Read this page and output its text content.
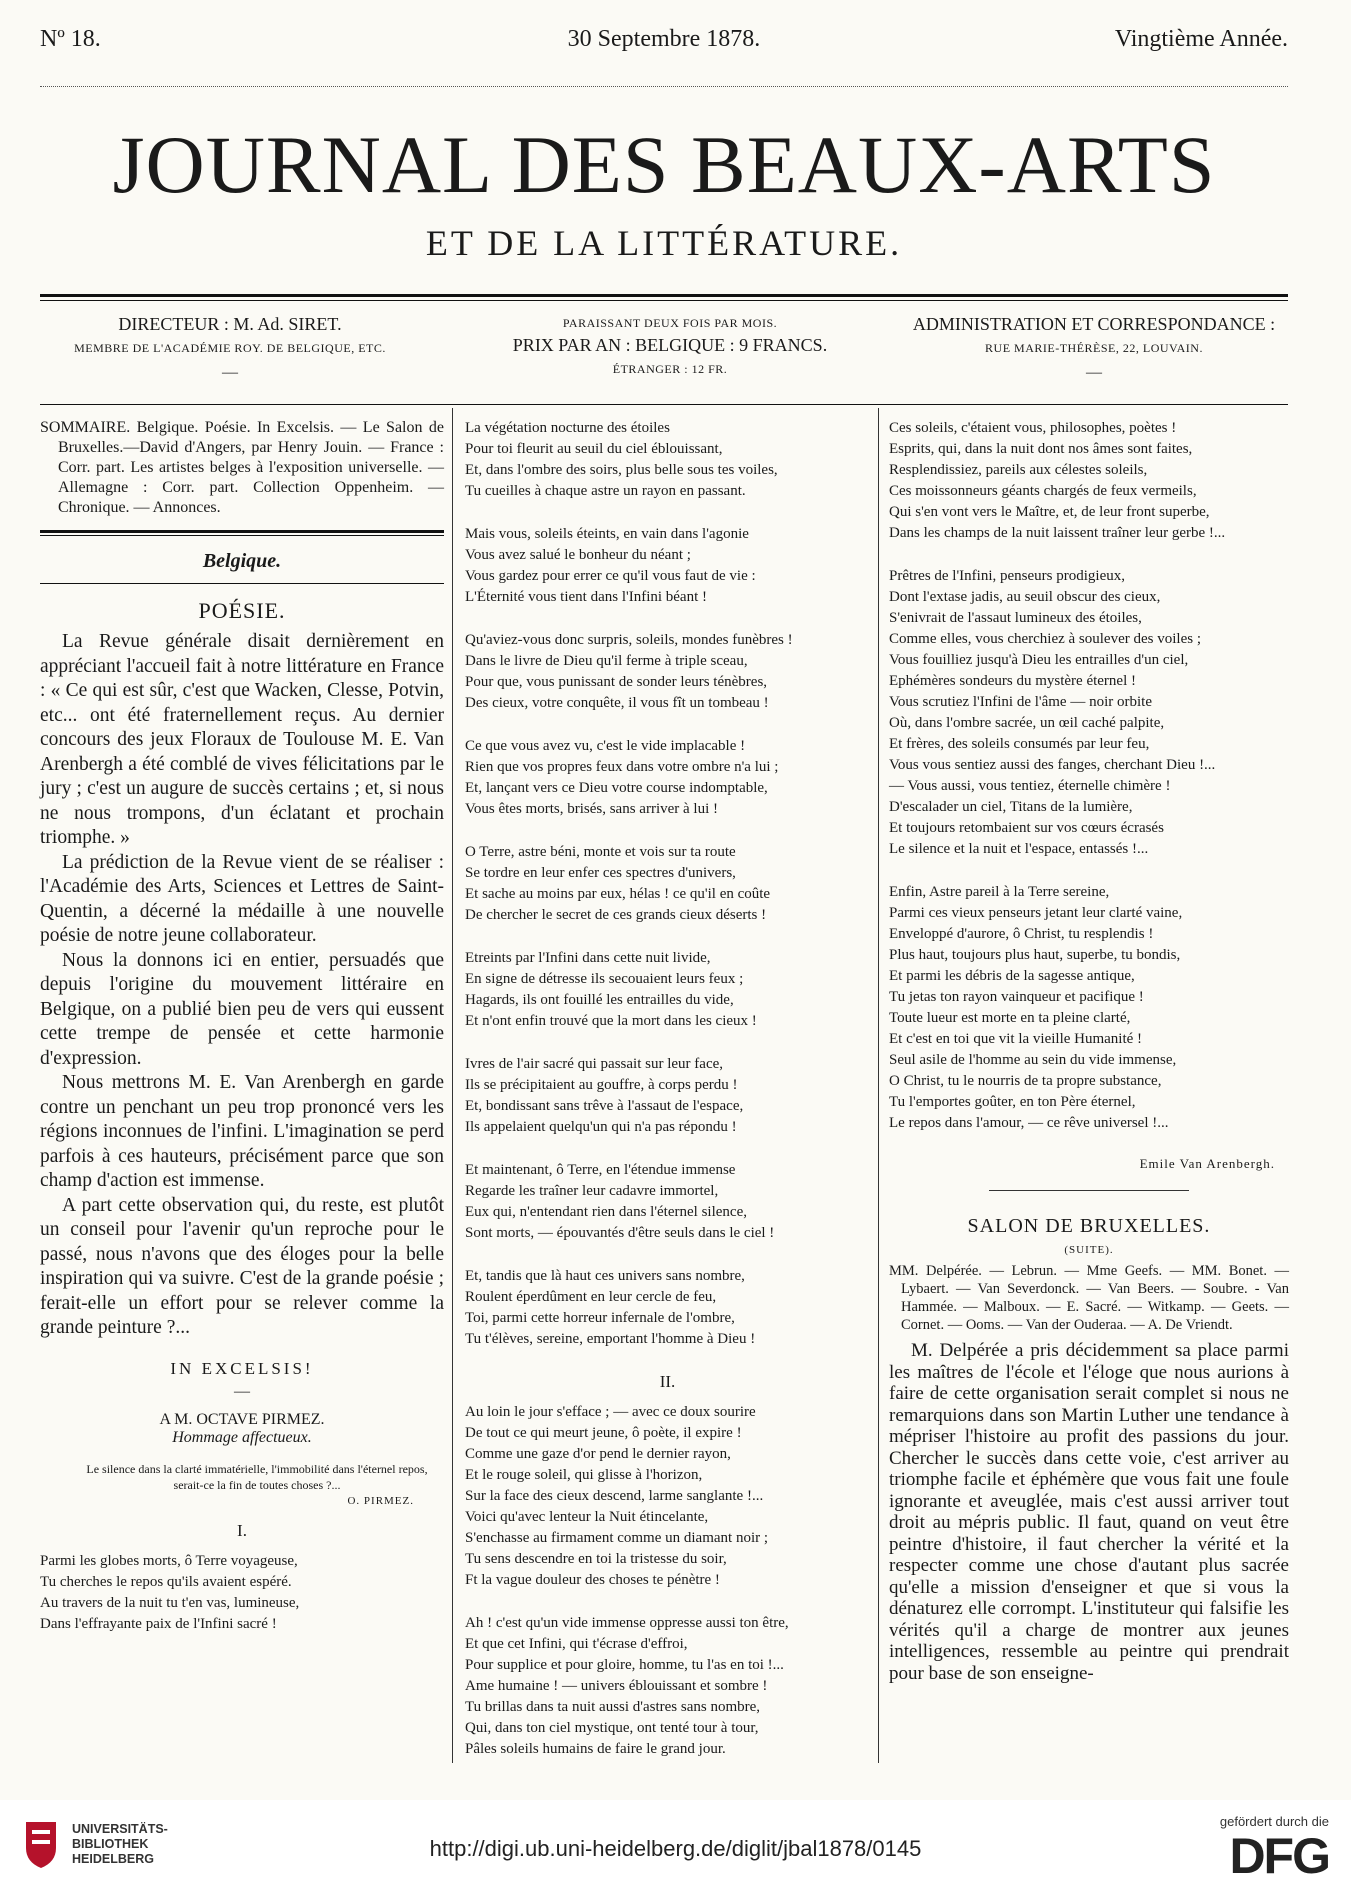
Nº 18.	30 Septembre 1878.	Vingtième Année.
JOURNAL DES BEAUX-ARTS
ET DE LA LITTÉRATURE.
DIRECTEUR : M. Ad. SIRET.
MEMBRE DE L'ACADÉMIE ROY. DE BELGIQUE, ETC.
—
PARAISSANT DEUX FOIS PAR MOIS.
PRIX PAR AN : BELGIQUE : 9 FRANCS.
ÉTRANGER : 12 FR.
ADMINISTRATION ET CORRESPONDANCE :
RUE MARIE-THÉRÈSE, 22, LOUVAIN.
—
SOMMAIRE. Belgique. Poésie. In Excelsis. — Le Salon de Bruxelles.—David d'Angers, par Henry Jouin. — France : Corr. part. Les artistes belges à l'exposition universelle. — Allemagne : Corr. part. Collection Oppenheim. — Chronique. — Annonces.
Belgique.
POÉSIE.

La Revue générale disait dernièrement en appréciant l'accueil fait à notre littérature en France : « Ce qui est sûr, c'est que Wacken, Clesse, Potvin, etc... ont été fraternellement reçus. Au dernier concours des jeux Floraux de Toulouse M. E. Van Arenbergh a été comblé de vives félicitations par le jury ; c'est un augure de succès certains ; et, si nous ne nous trompons, d'un éclatant et prochain triomphe. »

La prédiction de la Revue vient de se réaliser : l'Académie des Arts, Sciences et Lettres de Saint-Quentin, a décerné la médaille à une nouvelle poésie de notre jeune collaborateur.

Nous la donnons ici en entier, persuadés que depuis l'origine du mouvement littéraire en Belgique, on a publié bien peu de vers qui eussent cette trempe de pensée et cette harmonie d'expression.

Nous mettrons M. E. Van Arenbergh en garde contre un penchant un peu trop prononcé vers les régions inconnues de l'infini. L'imagination se perd parfois à ces hauteurs, précisément parce que son champ d'action est immense.

A part cette observation qui, du reste, est plutôt un conseil pour l'avenir qu'un reproche pour le passé, nous n'avons que des éloges pour la belle inspiration qui va suivre. C'est de la grande poésie ; ferait-elle un effort pour se relever comme la grande peinture ?...

IN EXCELSIS!
—
A M. OCTAVE PIRMEZ.
Hommage affectueux.
Le silence dans la clarté immatérielle, l'immobilité dans l'éternel repos, serait-ce la fin de toutes choses ?...
O. PIRMEZ.
I.
Parmi les globes morts, ô Terre voyageuse,
Tu cherches le repos qu'ils avaient espéré.
Au travers de la nuit tu t'en vas, lumineuse,
Dans l'effrayante paix de l'Infini sacré !
La végétation nocturne des étoiles
Pour toi fleurit au seuil du ciel éblouissant,
Et, dans l'ombre des soirs, plus belle sous tes voiles,
Tu cueilles à chaque astre un rayon en passant.
Mais vous, soleils éteints, en vain dans l'agonie
Vous avez salué le bonheur du néant ;
Vous gardez pour errer ce qu'il vous faut de vie :
L'Éternité vous tient dans l'Infini béant !
Qu'aviez-vous donc surpris, soleils, mondes funèbres !
Dans le livre de Dieu qu'il ferme à triple sceau,
Pour que, vous punissant de sonder leurs ténèbres,
Des cieux, votre conquête, il vous fît un tombeau !
Ce que vous avez vu, c'est le vide implacable !
Rien que vos propres feux dans votre ombre n'a lui ;
Et, lançant vers ce Dieu votre course indomptable,
Vous êtes morts, brisés, sans arriver à lui !
O Terre, astre béni, monte et vois sur ta route
Se tordre en leur enfer ces spectres d'univers,
Et sache au moins par eux, hélas ! ce qu'il en coûte
De chercher le secret de ces grands cieux déserts !
Etreints par l'Infini dans cette nuit livide,
En signe de détresse ils secouaient leurs feux ;
Hagards, ils ont fouillé les entrailles du vide,
Et n'ont enfin trouvé que la mort dans les cieux !
Ivres de l'air sacré qui passait sur leur face,
Ils se précipitaient au gouffre, à corps perdu !
Et, bondissant sans trêve à l'assaut de l'espace,
Ils appelaient quelqu'un qui n'a pas répondu !
Et maintenant, ô Terre, en l'étendue immense
Regarde les traîner leur cadavre immortel,
Eux qui, n'entendant rien dans l'éternel silence,
Sont morts, — épouvantés d'être seuls dans le ciel !
Et, tandis que là haut ces univers sans nombre,
Roulent éperdûment en leur cercle de feu,
Toi, parmi cette horreur infernale de l'ombre,
Tu t'élèves, sereine, emportant l'homme à Dieu !
II.
Au loin le jour s'efface ; — avec ce doux sourire
De tout ce qui meurt jeune, ô poète, il expire !
Comme une gaze d'or pend le dernier rayon,
Et le rouge soleil, qui glisse à l'horizon,
Sur la face des cieux descend, larme sanglante !...
Voici qu'avec lenteur la Nuit étincelante,
S'enchasse au firmament comme un diamant noir ;
Tu sens descendre en toi la tristesse du soir,
Ft la vague douleur des choses te pénètre !
Ah ! c'est qu'un vide immense oppresse aussi ton être,
Et que cet Infini, qui t'écrase d'effroi,
Pour supplice et pour gloire, homme, tu l'as en toi !...
Ame humaine ! — univers éblouissant et sombre !
Tu brillas dans ta nuit aussi d'astres sans nombre,
Qui, dans ton ciel mystique, ont tenté tour à tour,
Pâles soleils humains de faire le grand jour.
Ces soleils, c'étaient vous, philosophes, poètes !
Esprits, qui, dans la nuit dont nos âmes sont faites,
Resplendissiez, pareils aux célestes soleils,
Ces moissonneurs géants chargés de feux vermeils,
Qui s'en vont vers le Maître, et, de leur front superbe,
Dans les champs de la nuit laissent traîner leur gerbe !...
Prêtres de l'Infini, penseurs prodigieux,
Dont l'extase jadis, au seuil obscur des cieux,
S'enivrait de l'assaut lumineux des étoiles,
Comme elles, vous cherchiez à soulever des voiles ;
Vous fouilliez jusqu'à Dieu les entrailles d'un ciel,
Ephémères sondeurs du mystère éternel !
Vous scrutiez l'Infini de l'âme — noir orbite
Où, dans l'ombre sacrée, un œil caché palpite,
Et frères, des soleils consumés par leur feu,
Vous vous sentiez aussi des fanges, cherchant Dieu !...
— Vous aussi, vous tentiez, éternelle chimère !
D'escalader un ciel, Titans de la lumière,
Et toujours retombaient sur vos cœurs écrasés
Le silence et la nuit et l'espace, entassés !...
Enfin, Astre pareil à la Terre sereine,
Parmi ces vieux penseurs jetant leur clarté vaine,
Enveloppé d'aurore, ô Christ, tu resplendis !
Plus haut, toujours plus haut, superbe, tu bondis,
Et parmi les débris de la sagesse antique,
Tu jetas ton rayon vainqueur et pacifique !
Toute lueur est morte en ta pleine clarté,
Et c'est en toi que vit la vieille Humanité !
Seul asile de l'homme au sein du vide immense,
O Christ, tu le nourris de ta propre substance,
Tu l'emportes goûter, en ton Père éternel,
Le repos dans l'amour, — ce rêve universel !...
Emile Van Arenbergh.
SALON DE BRUXELLES.
(SUITE).
MM. Delpérée. — Lebrun. — Mme Geefs. — MM. Bonet. — Lybaert. — Van Severdonck. — Van Beers. — Soubre. - Van Hammée. — Malboux. — E. Sacré. — Witkamp. — Geets. — Cornet. — Ooms. — Van der Ouderaa. — A. De Vriendt.

M. Delpérée a pris décidemment sa place parmi les maîtres de l'école et l'éloge que nous aurions à faire de cette organisation serait complet si nous ne remarquions dans son Martin Luther une tendance à mépriser l'histoire au profit des passions du jour. Chercher le succès dans cette voie, c'est arriver au triomphe facile et éphémère que vous fait une foule ignorante et aveuglée, mais c'est aussi arriver tout droit au mépris public. Il faut, quand on veut être peintre d'histoire, il faut chercher la vérité et la respecter comme une chose d'autant plus sacrée qu'elle a mission d'enseigner et que si vous la dénaturez elle corrompt. L'instituteur qui falsifie les vérités qu'il a charge de montrer aux jeunes intelligences, ressemble au peintre qui prendrait pour base de son enseigne-

UNIVERSITÄTS-
BIBLIOTHEK
HEIDELBERG	http://digi.ub.uni-heidelberg.de/diglit/jbal1878/0145
gefördert durch die
DFG
